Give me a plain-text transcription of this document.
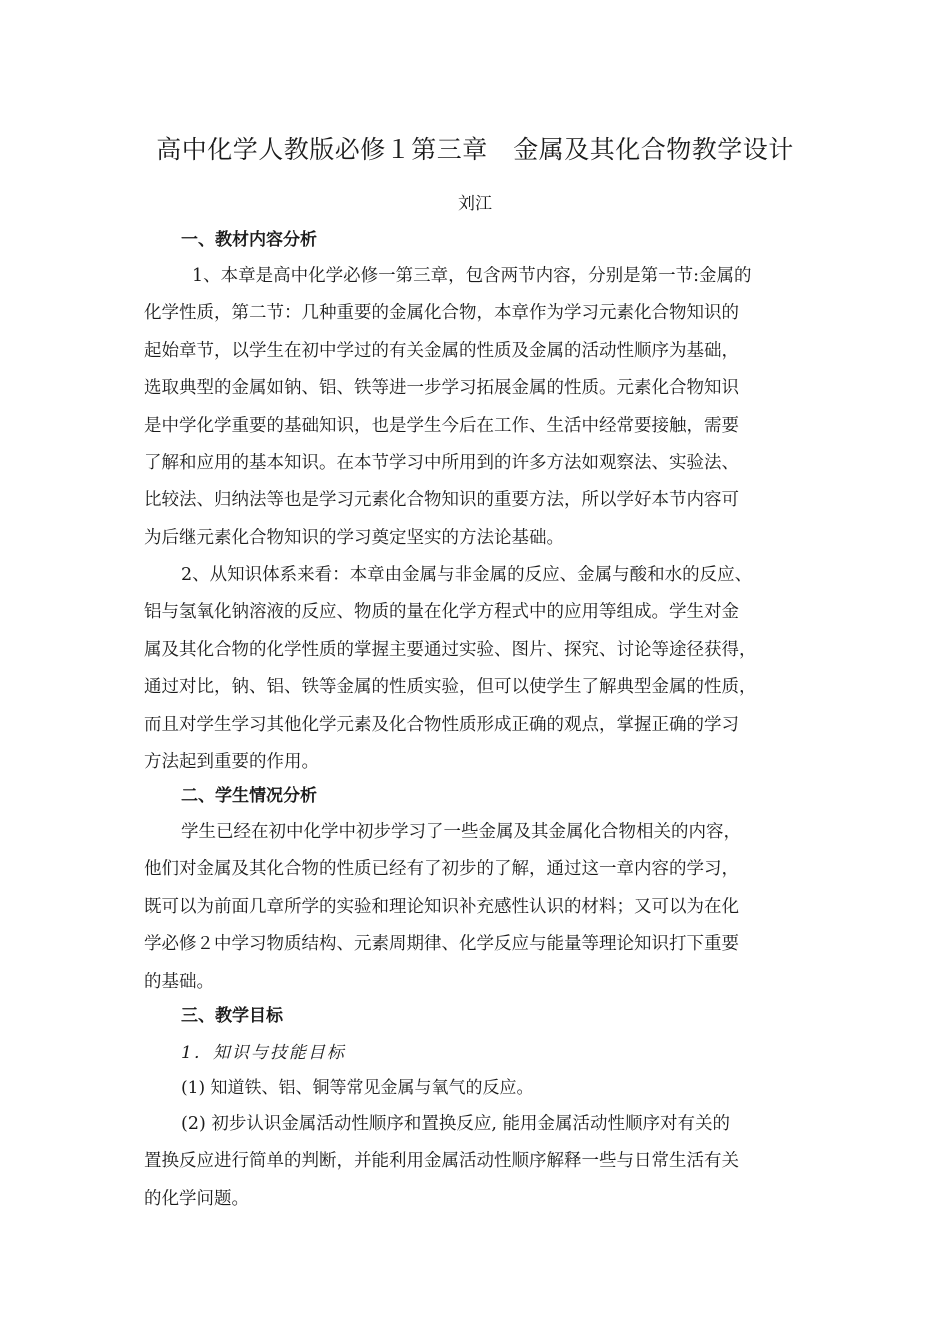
高中化学人教版必修１第三章　金属及其化合物教学设计
刘江
一、教材内容分析
1、本章是高中化学必修一第三章，包含两节内容，分别是第一节:金属的
化学性质，第二节：几种重要的金属化合物，本章作为学习元素化合物知识的
起始章节，以学生在初中学过的有关金属的性质及金属的活动性顺序为基础，
选取典型的金属如钠、铝、铁等进一步学习拓展金属的性质。元素化合物知识
是中学化学重要的基础知识，也是学生今后在工作、生活中经常要接触，需要
了解和应用的基本知识。在本节学习中所用到的许多方法如观察法、实验法、
比较法、归纳法等也是学习元素化合物知识的重要方法，所以学好本节内容可
为后继元素化合物知识的学习奠定坚实的方法论基础。
2、从知识体系来看：本章由金属与非金属的反应、金属与酸和水的反应、
铝与氢氧化钠溶液的反应、物质的量在化学方程式中的应用等组成。学生对金
属及其化合物的化学性质的掌握主要通过实验、图片、探究、讨论等途径获得，
通过对比，钠、铝、铁等金属的性质实验，但可以使学生了解典型金属的性质，
而且对学生学习其他化学元素及化合物性质形成正确的观点，掌握正确的学习
方法起到重要的作用。
二、学生情况分析
学生已经在初中化学中初步学习了一些金属及其金属化合物相关的内容，
他们对金属及其化合物的性质已经有了初步的了解，通过这一章内容的学习，
既可以为前面几章所学的实验和理论知识补充感性认识的材料；又可以为在化
学必修２中学习物质结构、元素周期律、化学反应与能量等理论知识打下重要
的基础。
三、教学目标
1．知识与技能目标
(1) 知道铁、铝、铜等常见金属与氧气的反应。
(2) 初步认识金属活动性顺序和置换反应, 能用金属活动性顺序对有关的
置换反应进行简单的判断，并能利用金属活动性顺序解释一些与日常生活有关
的化学问题。
